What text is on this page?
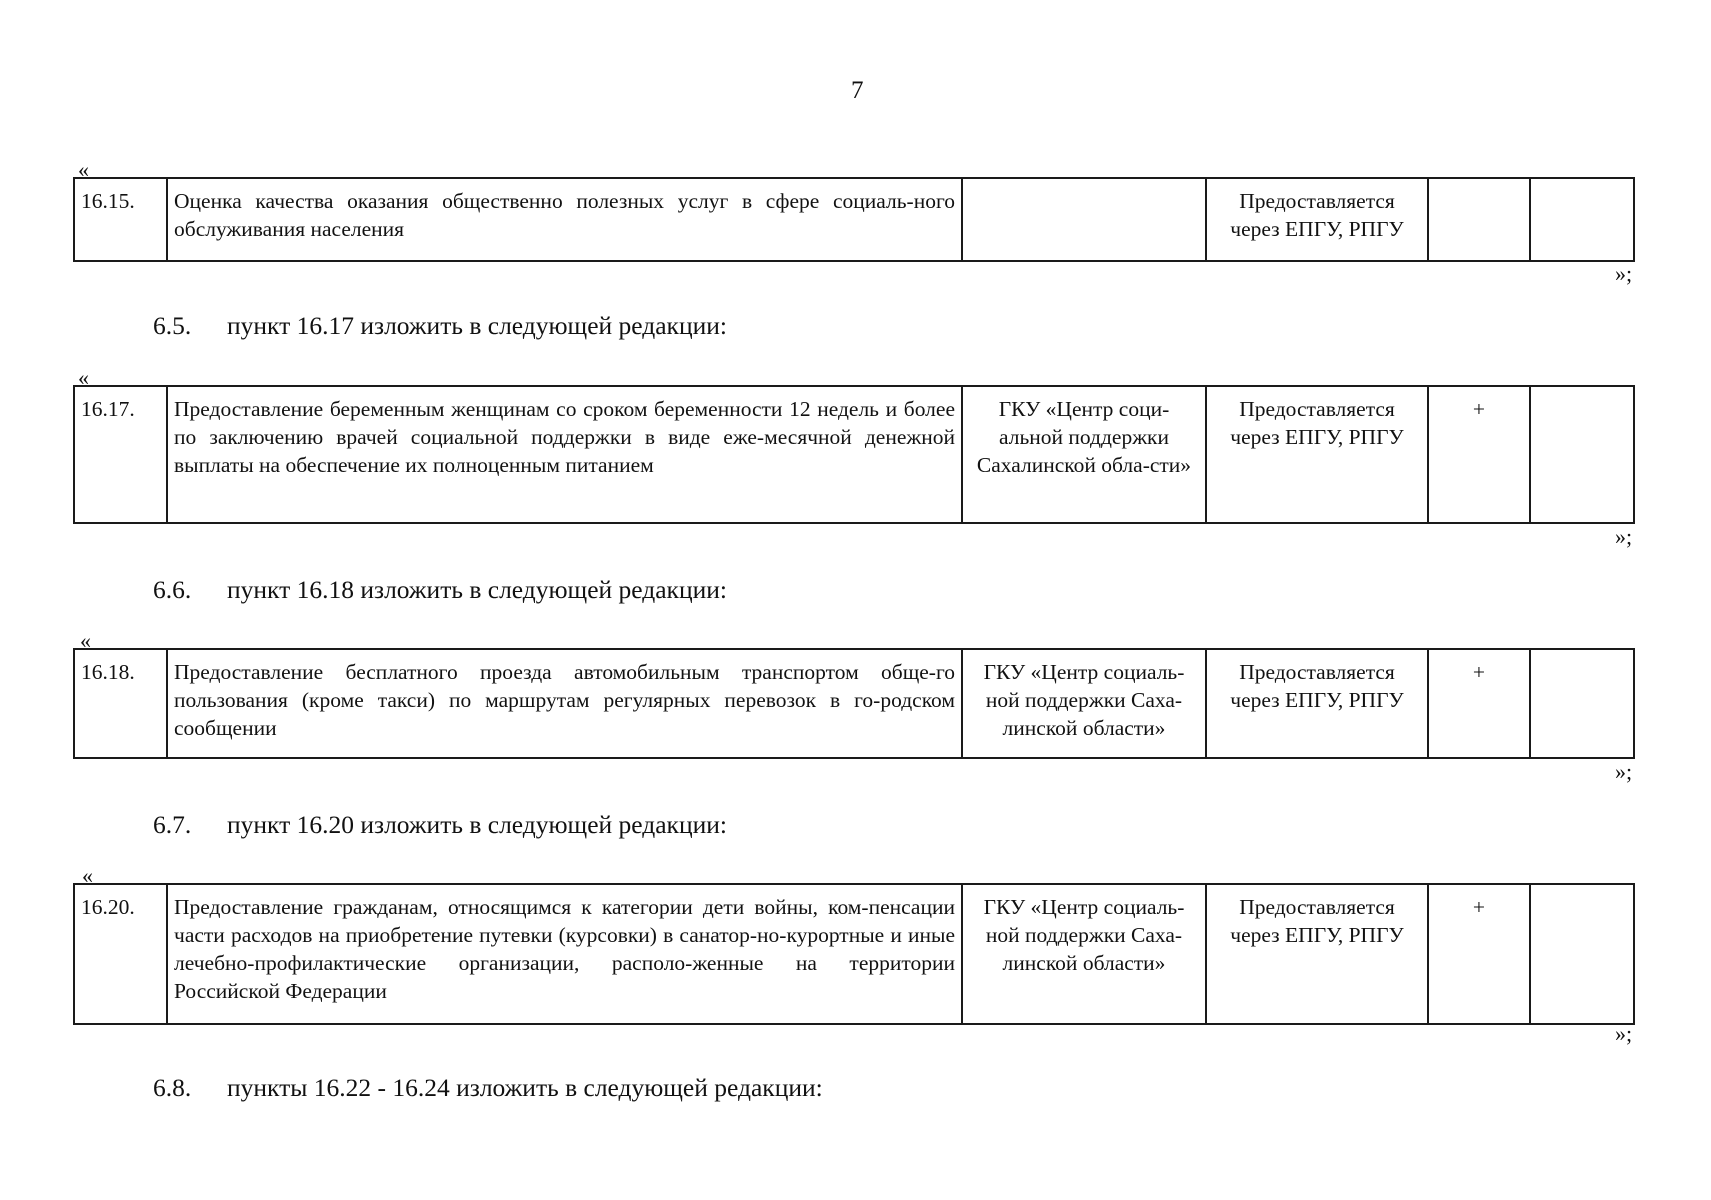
7
«
16.15.	Оценка качества оказания общественно полезных услуг в сфере социаль-ного обслуживания населения		Предоставляется через ЕПГУ, РПГУ		
»;
6.5. пункт 16.17 изложить в следующей редакции:
«
16.17.	Предоставление беременным женщинам со сроком беременности 12 недель и более по заключению врачей социальной поддержки в виде еже-месячной денежной выплаты на обеспечение их полноценным питанием	ГКУ «Центр соци-альной поддержки Сахалинской обла-сти»	Предоставляется через ЕПГУ, РПГУ	+	
»;
6.6. пункт 16.18 изложить в следующей редакции:
«
16.18.	Предоставление бесплатного проезда автомобильным транспортом обще-го пользования (кроме такси) по маршрутам регулярных перевозок в го-родском сообщении	ГКУ «Центр социаль-ной поддержки Саха-линской области»	Предоставляется через ЕПГУ, РПГУ	+	
»;
6.7. пункт 16.20 изложить в следующей редакции:
«
16.20.	Предоставление гражданам, относящимся к категории дети войны, ком-пенсации части расходов на приобретение путевки (курсовки) в санатор-но-курортные и иные лечебно-профилактические организации, располо-женные на территории Российской Федерации	ГКУ «Центр социаль-ной поддержки Саха-линской области»	Предоставляется через ЕПГУ, РПГУ	+	
»;
6.8. пункты 16.22 - 16.24 изложить в следующей редакции:
